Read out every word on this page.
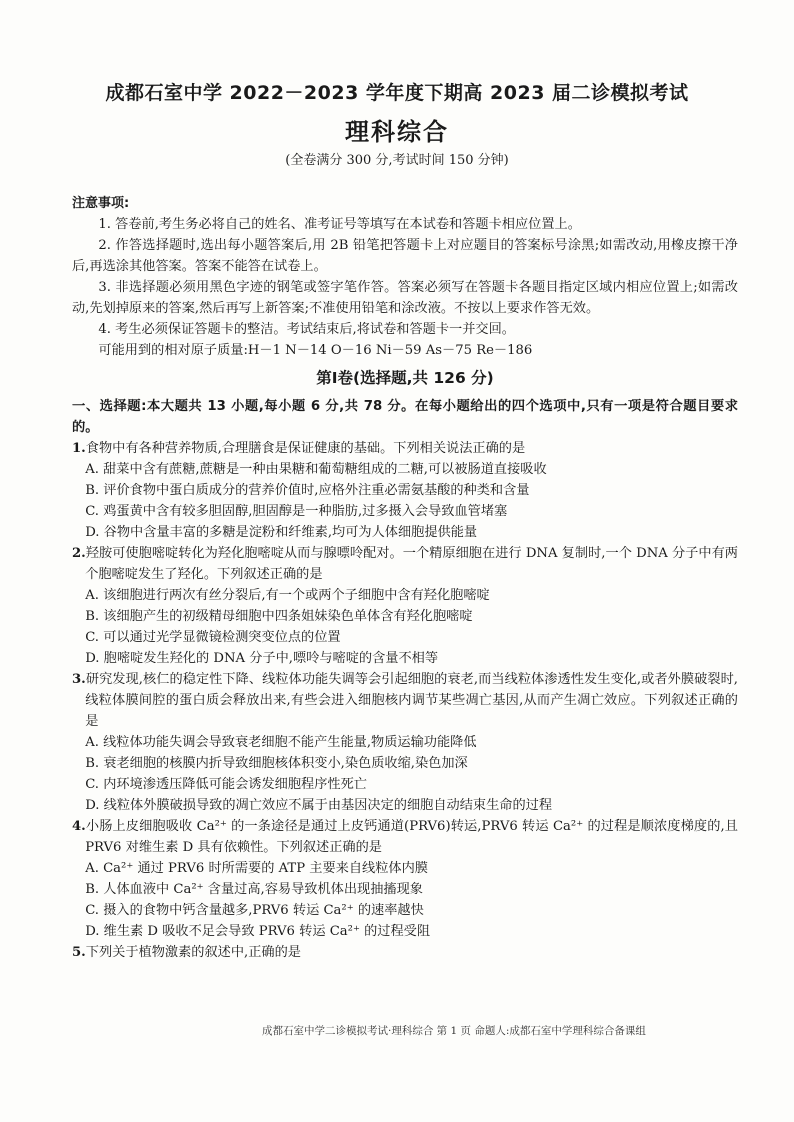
成都石室中学 2022－2023 学年度下期高 2023 届二诊模拟考试
理科综合
(全卷满分 300 分,考试时间 150 分钟)
注意事项:

1. 答卷前,考生务必将自己的姓名、准考证号等填写在本试卷和答题卡相应位置上。

2. 作答选择题时,选出每小题答案后,用 2B 铅笔把答题卡上对应题目的答案标号涂黑;如需改动,用橡皮擦干净后,再选涂其他答案。答案不能答在试卷上。

3. 非选择题必须用黑色字迹的钢笔或签字笔作答。答案必须写在答题卡各题目指定区域内相应位置上;如需改动,先划掉原来的答案,然后再写上新答案;不准使用铅笔和涂改液。不按以上要求作答无效。

4. 考生必须保证答题卡的整洁。考试结束后,将试卷和答题卡一并交回。

可能用到的相对原子质量:H－1 N－14 O－16 Ni－59 As－75 Re－186

第Ⅰ卷(选择题,共 126 分)

一、选择题:本大题共 13 小题,每小题 6 分,共 78 分。在每小题给出的四个选项中,只有一项是符合题目要求的。

1.食物中有各种营养物质,合理膳食是保证健康的基础。下列相关说法正确的是

A. 甜菜中含有蔗糖,蔗糖是一种由果糖和葡萄糖组成的二糖,可以被肠道直接吸收

B. 评价食物中蛋白质成分的营养价值时,应格外注重必需氨基酸的种类和含量

C. 鸡蛋黄中含有较多胆固醇,胆固醇是一种脂肪,过多摄入会导致血管堵塞

D. 谷物中含量丰富的多糖是淀粉和纤维素,均可为人体细胞提供能量

2.羟胺可使胞嘧啶转化为羟化胞嘧啶从而与腺嘌呤配对。一个精原细胞在进行 DNA 复制时,一个 DNA 分子中有两个胞嘧啶发生了羟化。下列叙述正确的是

A. 该细胞进行两次有丝分裂后,有一个或两个子细胞中含有羟化胞嘧啶

B. 该细胞产生的初级精母细胞中四条姐妹染色单体含有羟化胞嘧啶

C. 可以通过光学显微镜检测突变位点的位置

D. 胞嘧啶发生羟化的 DNA 分子中,嘌呤与嘧啶的含量不相等

3.研究发现,核仁的稳定性下降、线粒体功能失调等会引起细胞的衰老,而当线粒体渗透性发生变化,或者外膜破裂时,线粒体膜间腔的蛋白质会释放出来,有些会进入细胞核内调节某些凋亡基因,从而产生凋亡效应。下列叙述正确的是

A. 线粒体功能失调会导致衰老细胞不能产生能量,物质运输功能降低

B. 衰老细胞的核膜内折导致细胞核体积变小,染色质收缩,染色加深

C. 内环境渗透压降低可能会诱发细胞程序性死亡

D. 线粒体外膜破损导致的凋亡效应不属于由基因决定的细胞自动结束生命的过程

4.小肠上皮细胞吸收 Ca²⁺ 的一条途径是通过上皮钙通道(PRV6)转运,PRV6 转运 Ca²⁺ 的过程是顺浓度梯度的,且 PRV6 对维生素 D 具有依赖性。下列叙述正确的是

A. Ca²⁺ 通过 PRV6 时所需要的 ATP 主要来自线粒体内膜

B. 人体血液中 Ca²⁺ 含量过高,容易导致机体出现抽搐现象

C. 摄入的食物中钙含量越多,PRV6 转运 Ca²⁺ 的速率越快

D. 维生素 D 吸收不足会导致 PRV6 转运 Ca²⁺ 的过程受阻

5.下列关于植物激素的叙述中,正确的是

成都石室中学二诊模拟考试·理科综合 第 1 页 命题人:成都石室中学理科综合备课组
